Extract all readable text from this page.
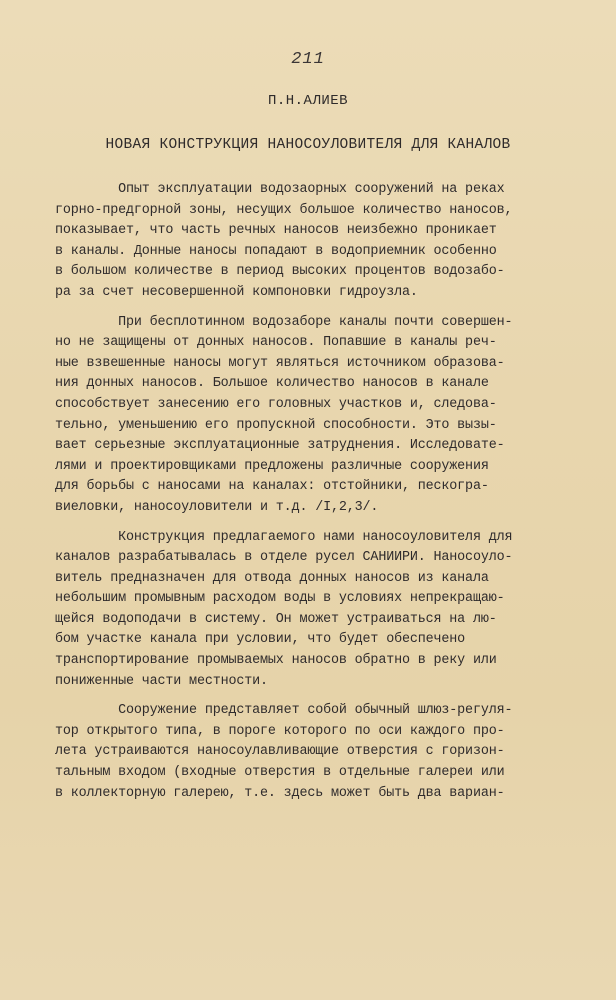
211
П.Н.АЛИЕВ
НОВАЯ КОНСТРУКЦИЯ НАНОСОУЛОВИТЕЛЯ ДЛЯ КАНАЛОВ
Опыт эксплуатации водозаорных сооружений на реках
горно-предгорной зоны, несущих большое количество наносов,
показывает, что часть речных наносов неизбежно проникает
в каналы. Донные наносы попадают в водоприемник особенно
в большом количестве в период высоких процентов водозабо-
ра за счет несовершенной компоновки гидроузла.
При бесплотинном водозаборе каналы почти совершен-
но не защищены от донных наносов. Попавшие в каналы реч-
ные взвешенные наносы могут являться источником образова-
ния донных наносов. Большое количество наносов в канале
способствует занесению его головных участков и, следова-
тельно, уменьшению его пропускной способности. Это вызы-
вает серьезные эксплуатационные затруднения. Исследовате-
лями и проектировщиками предложены различные сооружения
для борьбы с наносами на каналах: отстойники, пескогра-
виеловки, наносоуловители и т.д. /I,2,3/.
Конструкция предлагаемого нами наносоуловителя для
каналов разрабатывалась в отделе русел САНИИРИ. Наносоуло-
витель предназначен для отвода донных наносов из канала
небольшим промывным расходом воды в условиях непрекращаю-
щейся водоподачи в систему. Он может устраиваться на лю-
бом участке канала при условии, что будет обеспечено
транспортирование промываемых наносов обратно в реку или
пониженные части местности.
Сооружение представляет собой обычный шлюз-регуля-
тор открытого типа, в пороге которого по оси каждого про-
лета устраиваются наносоулавливающие отверстия с горизон-
тальным входом (входные отверстия в отдельные галереи или
в коллекторную галерею, т.е. здесь может быть два вариан-
